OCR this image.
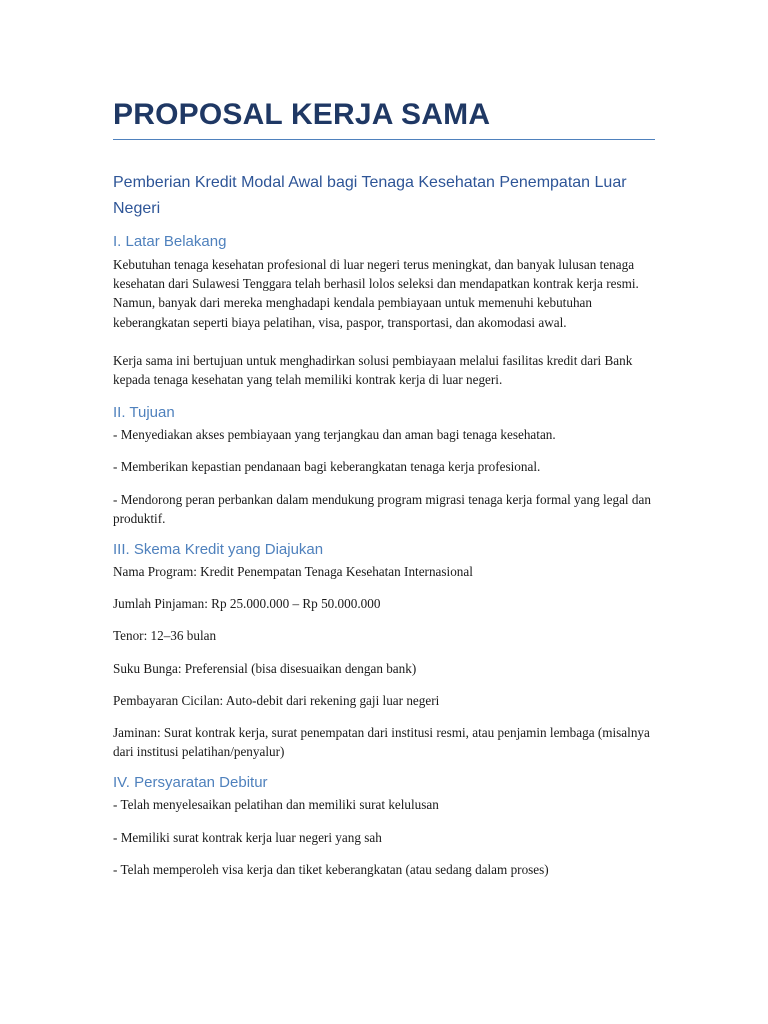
PROPOSAL KERJA SAMA
Pemberian Kredit Modal Awal bagi Tenaga Kesehatan Penempatan Luar Negeri
I. Latar Belakang

Kebutuhan tenaga kesehatan profesional di luar negeri terus meningkat, dan banyak lulusan tenaga kesehatan dari Sulawesi Tenggara telah berhasil lolos seleksi dan mendapatkan kontrak kerja resmi. Namun, banyak dari mereka menghadapi kendala pembiayaan untuk memenuhi kebutuhan keberangkatan seperti biaya pelatihan, visa, paspor, transportasi, dan akomodasi awal.

Kerja sama ini bertujuan untuk menghadirkan solusi pembiayaan melalui fasilitas kredit dari Bank kepada tenaga kesehatan yang telah memiliki kontrak kerja di luar negeri.

II. Tujuan

- Menyediakan akses pembiayaan yang terjangkau dan aman bagi tenaga kesehatan.

- Memberikan kepastian pendanaan bagi keberangkatan tenaga kerja profesional.

- Mendorong peran perbankan dalam mendukung program migrasi tenaga kerja formal yang legal dan produktif.

III. Skema Kredit yang Diajukan

Nama Program: Kredit Penempatan Tenaga Kesehatan Internasional

Jumlah Pinjaman: Rp 25.000.000 – Rp 50.000.000

Tenor: 12–36 bulan

Suku Bunga: Preferensial (bisa disesuaikan dengan bank)

Pembayaran Cicilan: Auto-debit dari rekening gaji luar negeri

Jaminan: Surat kontrak kerja, surat penempatan dari institusi resmi, atau penjamin lembaga (misalnya dari institusi pelatihan/penyalur)

IV. Persyaratan Debitur

- Telah menyelesaikan pelatihan dan memiliki surat kelulusan

- Memiliki surat kontrak kerja luar negeri yang sah

- Telah memperoleh visa kerja dan tiket keberangkatan (atau sedang dalam proses)
